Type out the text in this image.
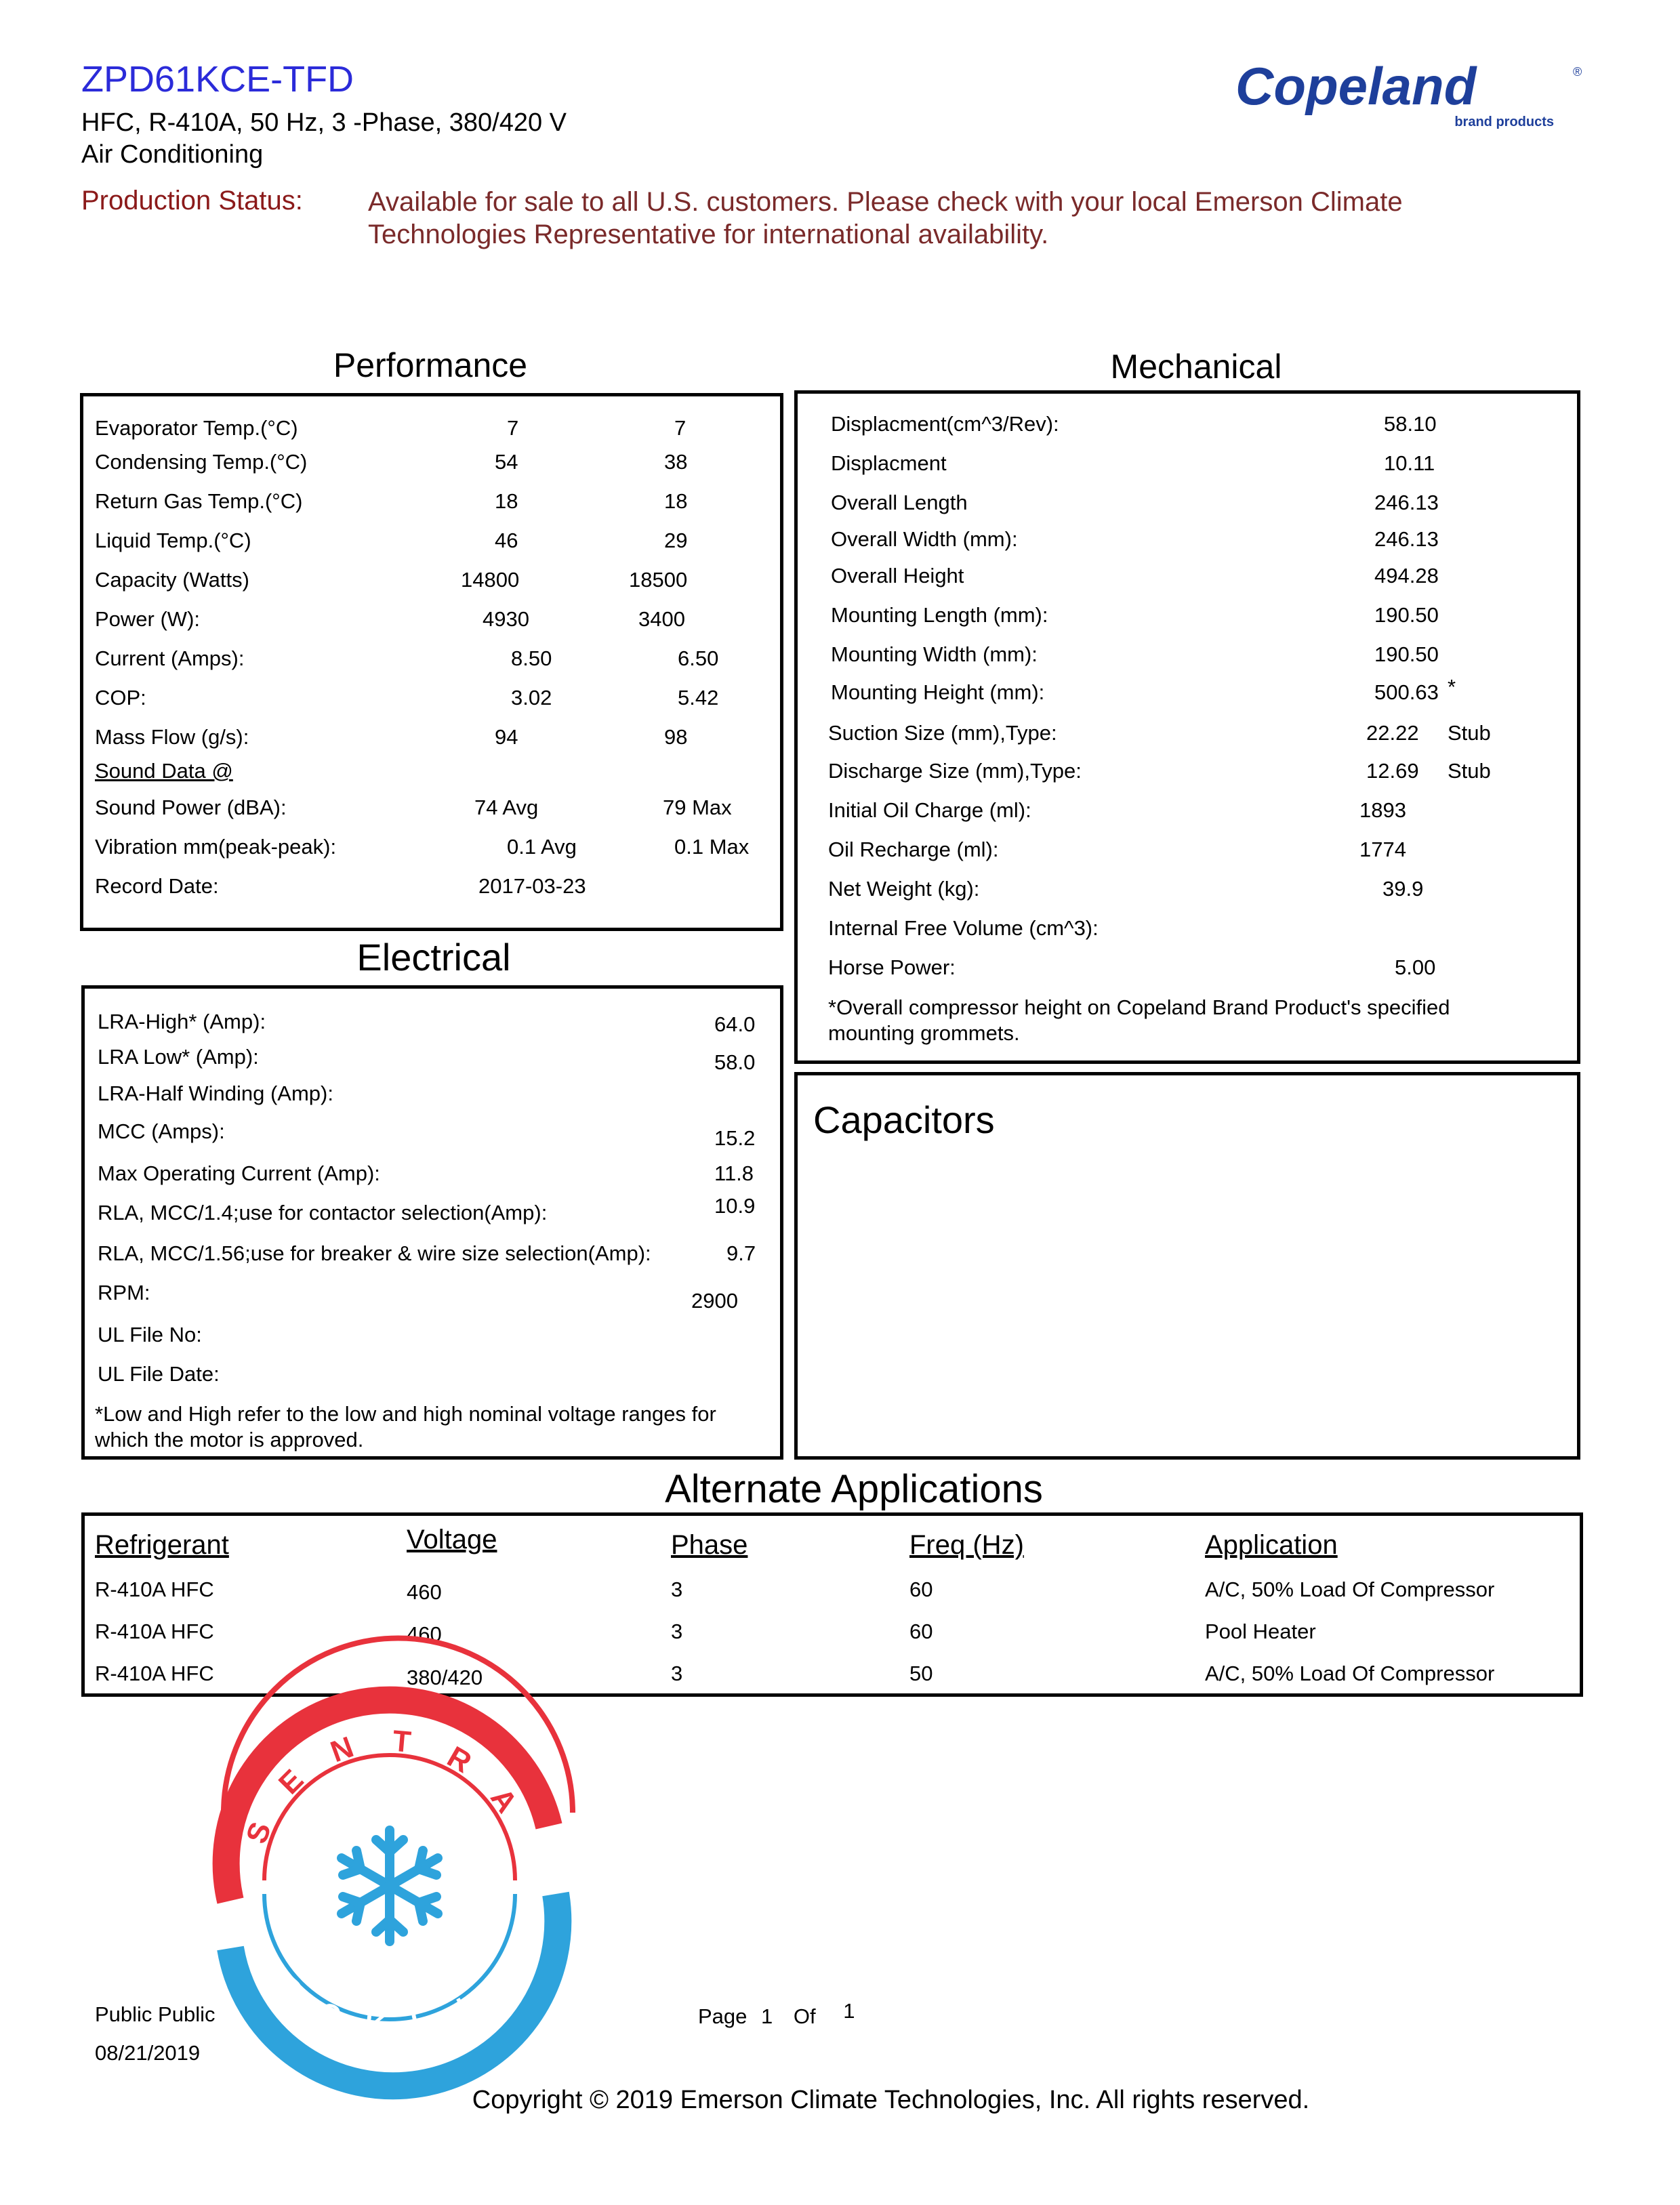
ZPD61KCE-TFD
HFC, R-410A, 50 Hz, 3 -Phase, 380/420 V
Air Conditioning
Production Status: Available for sale to all U.S. customers. Please check with your local Emerson Climate
Technologies Representative for international availability.
Copeland	®
brand products
Performance
Evaporator Temp.(°C)	7	7
Condensing Temp.(°C)	54	38
Return Gas Temp.(°C)	18	18
Liquid Temp.(°C)	46	29
Capacity (Watts)	14800	18500
Power (W):	4930	3400
Current (Amps):	8.50	6.50
COP:	3.02	5.42
Mass Flow (g/s):	94	98
Sound Data @
Sound Power (dBA):	74 Avg	79 Max
Vibration mm(peak-peak):	0.1 Avg	0.1 Max
Record Date:	2017-03-23
Mechanical
Displacment(cm^3/Rev):	58.10
Displacment	10.11
Overall Length	246.13
Overall Width (mm):	246.13
Overall Height	494.28
Mounting Length (mm):	190.50
Mounting Width (mm):	190.50
Mounting Height (mm):	500.63 *
Suction Size (mm),Type:	22.22 Stub
Discharge Size (mm),Type:	12.69 Stub
Initial Oil Charge (ml):	1893
Oil Recharge (ml):	1774
Net Weight (kg):	39.9
Internal Free Volume (cm^3):
Horse Power:	5.00
*Overall compressor height on Copeland Brand Product's specified
mounting grommets.
Electrical
LRA-High* (Amp):	64.0
LRA Low* (Amp):	58.0
LRA-Half Winding (Amp):
MCC (Amps):	15.2
Max Operating Current (Amp):	11.8
RLA, MCC/1.4;use for contactor selection(Amp):	10.9
RLA, MCC/1.56;use for breaker & wire size selection(Amp):	9.7
RPM:	2900
UL File No:
UL File Date:
*Low and High refer to the low and high nominal voltage ranges for
which the motor is approved.
Capacitors
Alternate Applications
Refrigerant	Voltage	Phase	Freq (Hz)	Application
R-410A HFC	460	3	60	A/C, 50% Load Of Compressor
R-410A HFC	460	3	60	Pool Heater
R-410A HFC	380/420	3	50	A/C, 50% Load Of Compressor
S
E
N T R
A
I
N
D
O K L
I
M
A
Public Public
08/21/2019
Page 1 Of 1
Copyright © 2019 Emerson Climate Technologies, Inc. All rights reserved.
